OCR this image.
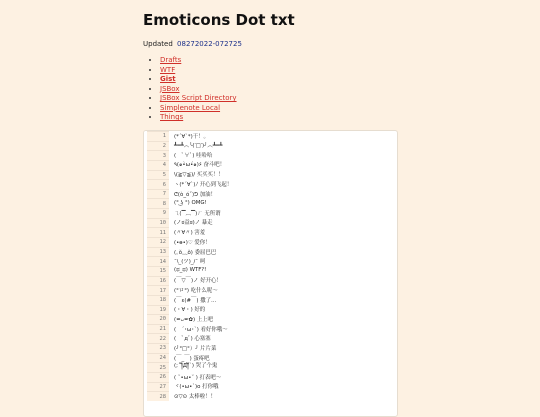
Emoticons Dot txt
Updated 08272022-072725
• Drafts
• WTF
• Gist
• JSBox
• JSBox Script Directory
• Simplenote Local
• Things
1	(*´∀`*)干！。
2	┻━┻︵╰(‵□′)╯︵┻━┻
3	(　ﾟ∀ﾟ) 哇哈哈
4	٩(๑•̀ω•́๑)۶ 奋斗吧！
5	\(≧▽≦)/ 买买买！！
6	ヽ(*´∀`)ﾉ 开心到飞起！
7	ᕦ(ò_óˇ)ᕤ 加油！
8	(° ͜ʖ °) OMG!
9	ㄟ(▔︹▔)ㄏ 无所谓
10	(ノಠ益ಠ)ノ 暴走
11	(〃∀〃) 害羞
12	(•ө•)♡ 爱你！
13	(｡ŏ﹏ŏ) 委屈巴巴
14	¯\_(ツ)_/¯ 呵
15	(ಥ_ಥ) WTF?!
16	(￣▽￣)ノ 好开心！
17	(°ロ°) 吃什么呢～
18	(￣ε(#￣) 撒了…
19	(・∀・) 好的
20	(≖ᴗ≖✿) 上上吧
21	(　´･ω･`) 看好你哦～
22	(　ﾟдﾟ) 心塞塞
23	(╯°□°）╯ 片片菜
24	(￣_￣) 蛋疼吧
25	(;´༎ຶД༎ຶ`) 哭了个鬼
26	( ˘•ω•˘ ) 打表吧～
27	ヾ(•ω•`)o 打你哦
28	⊙▽⊙ 太棒啦！！
